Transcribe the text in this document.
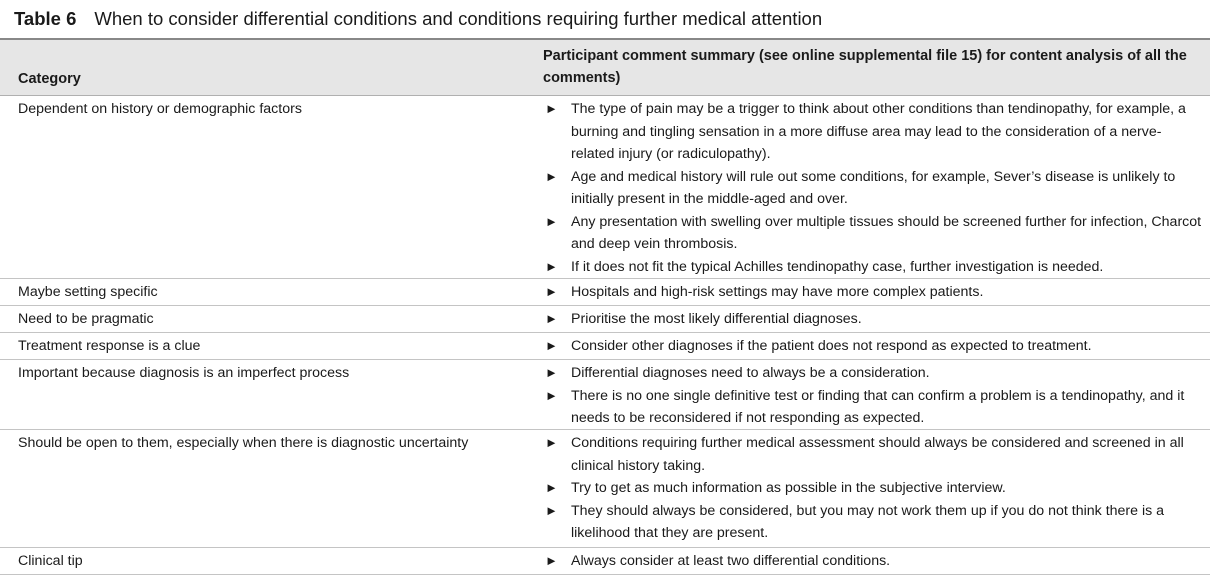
Table 6 When to consider differential conditions and conditions requiring further medical attention
Category
Participant comment summary (see online supplemental file 15) for content analysis of all the comments)
Dependent on history or demographic factors	► The type of pain may be a trigger to think about other conditions than tendinopathy, for example, a burning and tingling sensation in a more diffuse area may lead to the consideration of a nerve-related injury (or radiculopathy).
► Age and medical history will rule out some conditions, for example, Sever’s disease is unlikely to initially present in the middle-aged and over.
► Any presentation with swelling over multiple tissues should be screened further for infection, Charcot and deep vein thrombosis.
► If it does not fit the typical Achilles tendinopathy case, further investigation is needed.
Maybe setting specific	► Hospitals and high-risk settings may have more complex patients.
Need to be pragmatic	► Prioritise the most likely differential diagnoses.
Treatment response is a clue	► Consider other diagnoses if the patient does not respond as expected to treatment.
Important because diagnosis is an imperfect process	► Differential diagnoses need to always be a consideration.
► There is no one single definitive test or finding that can confirm a problem is a tendinopathy, and it needs to be reconsidered if not responding as expected.
Should be open to them, especially when there is diagnostic uncertainty	► Conditions requiring further medical assessment should always be considered and screened in all clinical history taking.
► Try to get as much information as possible in the subjective interview.
► They should always be considered, but you may not work them up if you do not think there is a likelihood that they are present.
Clinical tip	► Always consider at least two differential conditions.
